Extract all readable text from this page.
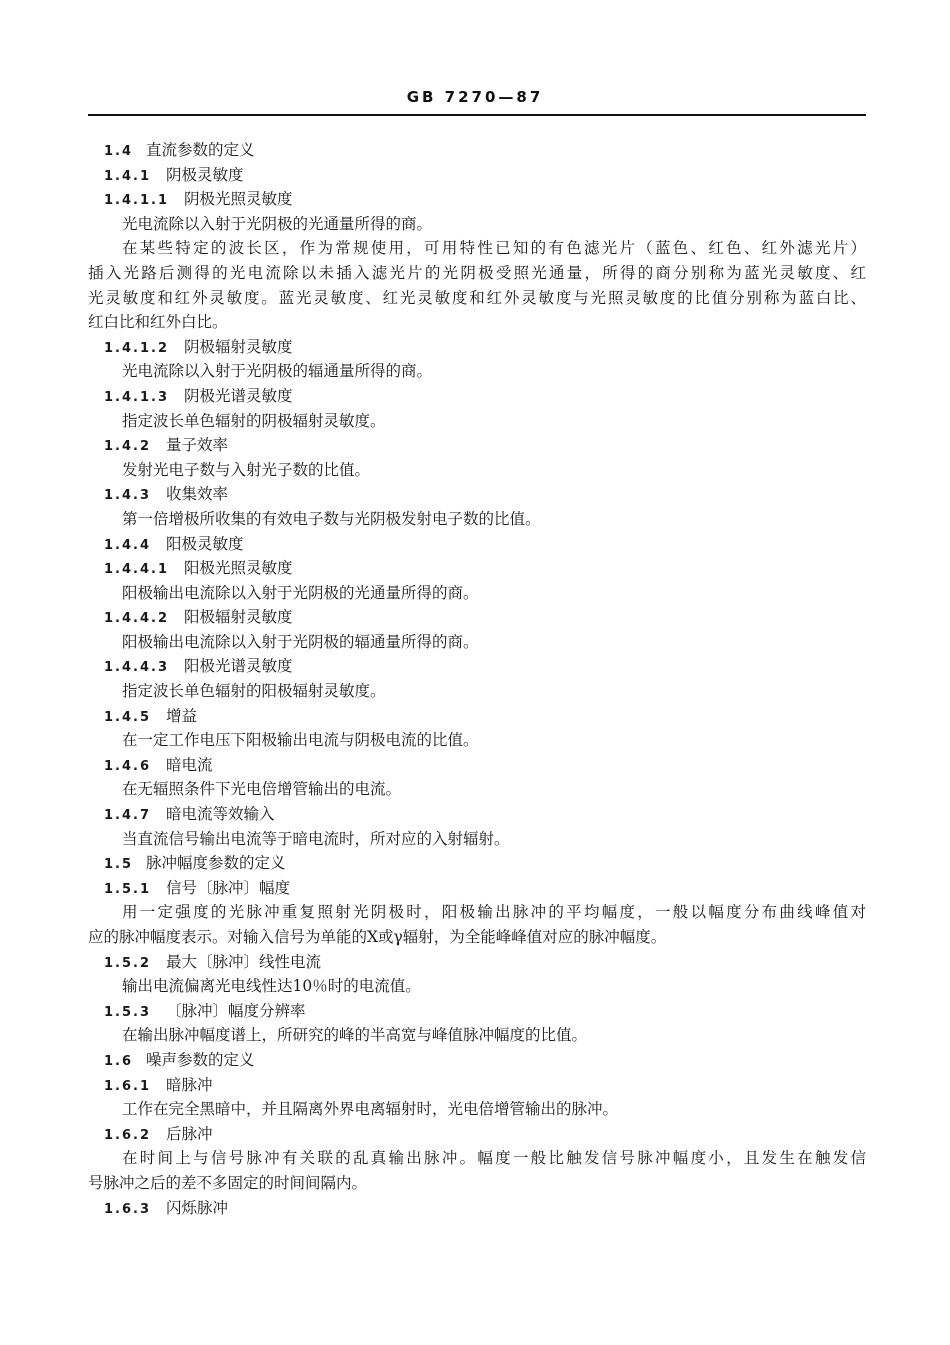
GB 7270—87
1.4 直流参数的定义
1.4.1 阴极灵敏度
1.4.1.1 阴极光照灵敏度
光电流除以入射于光阴极的光通量所得的商。
在某些特定的波长区，作为常规使用，可用特性已知的有色滤光片（蓝色、红色、红外滤光片）
插入光路后测得的光电流除以未插入滤光片的光阴极受照光通量，所得的商分别称为蓝光灵敏度、红
光灵敏度和红外灵敏度。蓝光灵敏度、红光灵敏度和红外灵敏度与光照灵敏度的比值分别称为蓝白比、
红白比和红外白比。
1.4.1.2 阴极辐射灵敏度
光电流除以入射于光阴极的辐通量所得的商。
1.4.1.3 阴极光谱灵敏度
指定波长单色辐射的阴极辐射灵敏度。
1.4.2 量子效率
发射光电子数与入射光子数的比值。
1.4.3 收集效率
第一倍增极所收集的有效电子数与光阴极发射电子数的比值。
1.4.4 阳极灵敏度
1.4.4.1 阳极光照灵敏度
阳极输出电流除以入射于光阴极的光通量所得的商。
1.4.4.2 阳极辐射灵敏度
阳极输出电流除以入射于光阴极的辐通量所得的商。
1.4.4.3 阳极光谱灵敏度
指定波长单色辐射的阳极辐射灵敏度。
1.4.5 增益
在一定工作电压下阳极输出电流与阴极电流的比值。
1.4.6 暗电流
在无辐照条件下光电倍增管输出的电流。
1.4.7 暗电流等效输入
当直流信号输出电流等于暗电流时，所对应的入射辐射。
1.5 脉冲幅度参数的定义
1.5.1 信号〔脉冲〕幅度
用一定强度的光脉冲重复照射光阴极时，阳极输出脉冲的平均幅度，一般以幅度分布曲线峰值对
应的脉冲幅度表示。对输入信号为单能的X或γ辐射，为全能峰峰值对应的脉冲幅度。
1.5.2 最大〔脉冲〕线性电流
输出电流偏离光电线性达10％时的电流值。
1.5.3 〔脉冲〕幅度分辨率
在输出脉冲幅度谱上，所研究的峰的半高宽与峰值脉冲幅度的比值。
1.6 噪声参数的定义
1.6.1 暗脉冲
工作在完全黑暗中，并且隔离外界电离辐射时，光电倍增管输出的脉冲。
1.6.2 后脉冲
在时间上与信号脉冲有关联的乱真输出脉冲。幅度一般比触发信号脉冲幅度小，且发生在触发信
号脉冲之后的差不多固定的时间间隔内。
1.6.3 闪烁脉冲
